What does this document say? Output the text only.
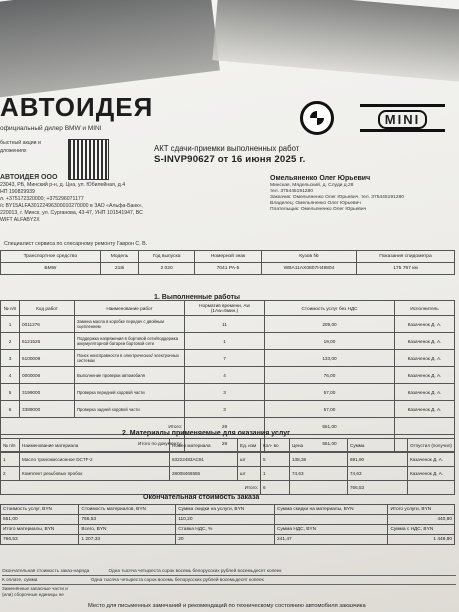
АВТОИДЕЯ
официальный дилер BMW и MINI
быстный акции и
дложениях
АВТОИДЕЯ ООО
23043, РБ, Минский р-н, д. Цна, ул. Юбилейная, д.4
НП 190829939
л. +375172320000; +375296071177
/с BY15ALFA30122496300010270000 в ЗАО «Альфа-Банк»,
220013, г. Минск, ул. Сурганова, 43-47, УНП 101541947, ВС
WIFT ALFABY2X
MINI
АКТ сдачи-приемки выполненных работ
S-INVP90627 от 16 июня 2025 г.
Омельяненко Олег Юрьевич
Минская, Мядельский, д. Слуди д.28
тел. 375445191280
Заказчик: Омельяненко Олег Юрьевич, тел. 375445191280
Владелец: Омельяненко Олег Юрьевич
Плательщик: Омельяненко Олег Юрьевич
Специалист сервиса по слесарному ремонту Гаврон С. В.
Транспортное средство	Модель	Год выпуска	Номерной знак	Кузов №	Показания спидометра
BMW	218i	2 020	7041 PA-5	WBA11AX0807H49804	175 797 км
1. Выполненные работы
№ п/п	Код работ	Наименование работ	Норматив времени, Aw (1Aw=5мин.)	Стоимость услуг без НДС	Исполнитель
1	0011276	Замена масла в коробке передач с двойным сцеплением	11	209,00	Казаченок Д. А.
2	6121526	Поддержка напряжения в бортовой сети/поддержка аккумуляторной батареи бортовой сети	1	19,00	Казаченок Д. А.
3	6100009	Поиск неисправности в электрических/ электронных системах	7	133,00	Казаченок Д. А.
4	0000006	Выполнение проверки автомобиля	4	76,00	Казаченок Д. А.
5	3199000	Проверка передней ходовой части	3	57,00	Казаченок Д. А.
6	3389000	Проверка задней ходовой части	3	57,00	Казаченок Д. А.
Итого:			29	551,00	
Итого по документу:			29	551,00	
2. Материалы применяемые для оказания услуг
№ п/п	Наименование материала	Номер материала	Ед. изм	Кол- во	Цена	Сумма	Отпустил (получил)
1	Масло трансмиссионное DCTF-2	83222483AC81	шт	5	138,38	691,90	Казаченок Д. А.
2	Комплект резьбовых пробок	28008466555	шт	1	74,63	74,63	Казаченок Д. А.
Итого:				6		766,53	
Окончательная стоимость заказа
Стоимость услуг, BYN	Стоимость материалов, BYN	Сумма скидки на услуги, BYN	Сумма скидки на материалы, BYN	Итого услуги, BYN
551,00	766,53	110,20		440,80
Итого материалы, BYN	Всего, BYN	Ставка НДС, %	Сумма НДС, BYN	Сумма с НДС, BYN
766,53	1 207,33	20	241,47	1 448,80
Окончательная стоимость заказ-наряда	Одна тысяча четыреста сорок восемь белорусских рублей восемьдесят копеек
К оплате, сумма	Одна тысяча четыреста сорок восемь белорусских рублей восемьдесят копеек
Заменённые запасные части и
(или) сборочные единицы не
Место для письменных замечаний и рекомендаций по техническому состоянию автомобиля заказчика
